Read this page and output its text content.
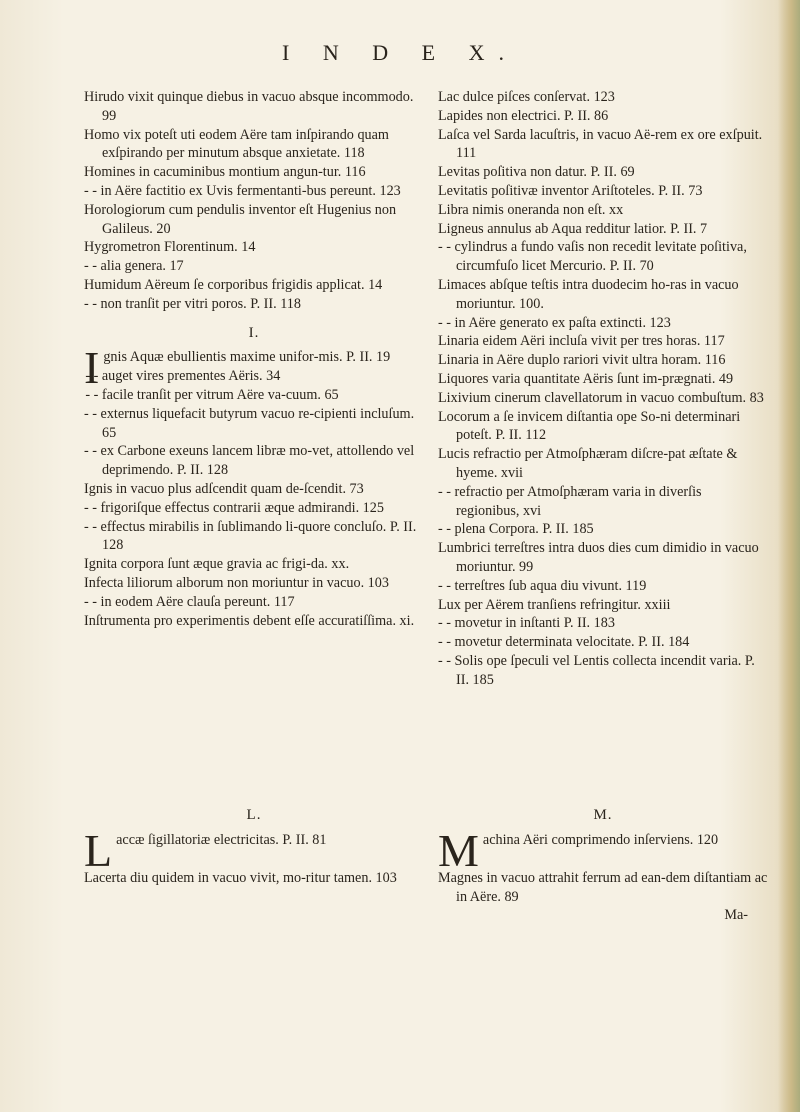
I N D E X.

Hirudo vixit quinque diebus in vacuo absque incommodo. 99

Homo vix poteſt uti eodem Aëre tam inſpirando quam exſpirando per minutum absque anxietate. 118

Homines in cacuminibus montium angun‑tur. 116

- - in Aëre factitio ex Uvis fermentanti‑bus pereunt. 123

Horologiorum cum pendulis inventor eſt Hugenius non Galileus. 20

Hygrometron Florentinum. 14

- - alia genera. 17

Humidum Aëreum ſe corporibus frigidis applicat. 14

- - non tranſit per vitri poros. P. II. 118

I.

Ignis Aquæ ebullientis maxime unifor‑mis. P. II. 19

- - auget vires prementes Aëris. 34

- - facile tranſit per vitrum Aëre va‑cuum. 65

- - externus liquefacit butyrum vacuo re‑cipienti incluſum. 65

- - ex Carbone exeuns lancem libræ mo‑vet, attollendo vel deprimendo. P. II. 128

Ignis in vacuo plus adſcendit quam de‑ſcendit. 73

- - frigoriſque effectus contrarii æque admirandi. 125

- - effectus mirabilis in ſublimando li‑quore concluſo. P. II. 128

Ignita corpora ſunt æque gravia ac frigi‑da. xx.

Infecta liliorum alborum non moriuntur in vacuo. 103

- - in eodem Aëre clauſa pereunt. 117

Inſtrumenta pro experimentis debent eſſe accuratiſſima. xi.

Lac dulce piſces conſervat. 123

Lapides non electrici. P. II. 86

Laſca vel Sarda lacuſtris, in vacuo Aë‑rem ex ore exſpuit. 111

Levitas poſitiva non datur. P. II. 69

Levitatis poſitivæ inventor Ariſtoteles. P. II. 73

Libra nimis oneranda non eſt. xx

Ligneus annulus ab Aqua redditur latior. P. II. 7

- - cylindrus a fundo vaſis non recedit levitate poſitiva, circumfuſo licet Mercurio. P. II. 70

Limaces abſque teſtis intra duodecim ho‑ras in vacuo moriuntur. 100.

- - in Aëre generato ex paſta extincti. 123

Linaria eidem Aëri incluſa vivit per tres horas. 117

Linaria in Aëre duplo rariori vivit ultra horam. 116

Liquores varia quantitate Aëris ſunt im‑prægnati. 49

Lixivium cinerum clavellatorum in vacuo combuſtum. 83

Locorum a ſe invicem diſtantia ope So‑ni determinari poteſt. P. II. 112

Lucis refractio per Atmoſphæram diſcre‑pat æſtate & hyeme. xvii

- - refractio per Atmoſphæram varia in diverſis regionibus, xvi

- - plena Corpora. P. II. 185

Lumbrici terreſtres intra duos dies cum dimidio in vacuo moriuntur. 99

- - terreſtres ſub aqua diu vivunt. 119

Lux per Aërem tranſiens refringitur. xxiii

- - movetur in inſtanti P. II. 183

- - movetur determinata velocitate. P. II. 184

- - Solis ope ſpeculi vel Lentis collecta incendit varia. P. II. 185

L.

Laccæ ſigillatoriæ electricitas. P. II. 81

Lacerta diu quidem in vacuo vivit, mo‑ritur tamen. 103

M.

Machina Aëri comprimendo inſerviens. 120

Magnes in vacuo attrahit ferrum ad ean‑dem diſtantiam ac in Aëre. 89

Ma-
